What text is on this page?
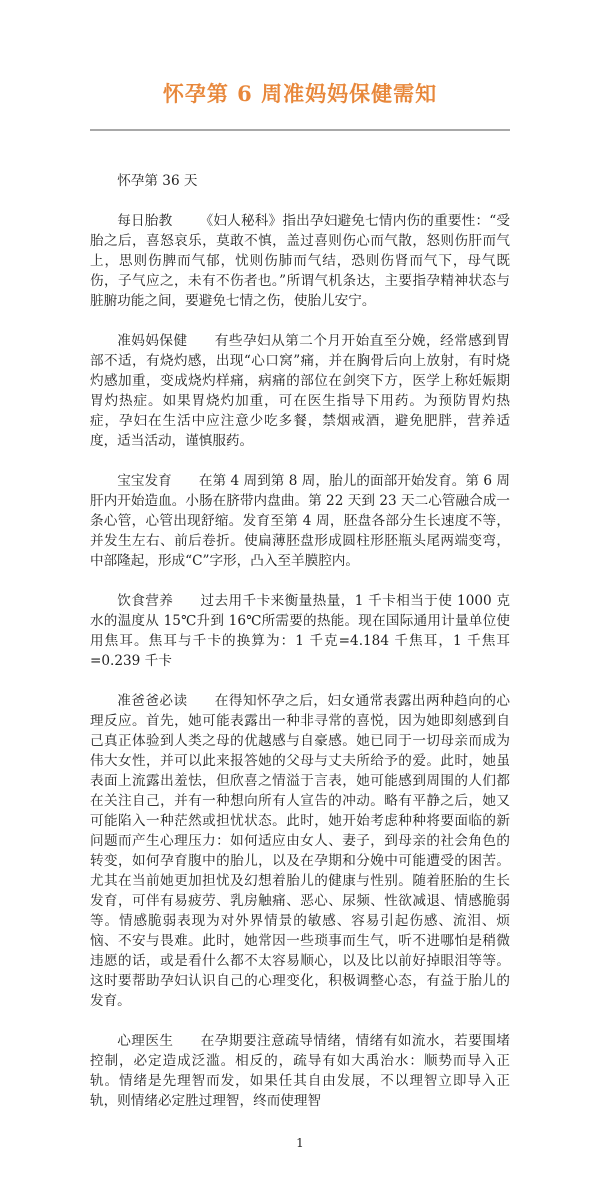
怀孕第 6 周准妈妈保健需知

怀孕第 36 天

每日胎教 《妇人秘科》指出孕妇避免七情内伤的重要性：“受胎之后，喜怒哀乐，莫敢不慎，盖过喜则伤心而气散，怒则伤肝而气上，思则伤脾而气郁，忧则伤肺而气结，恐则伤肾而气下，母气既伤，子气应之，未有不伤者也。”所谓气机条达，主要指孕精神状态与脏腑功能之间，要避免七情之伤，使胎儿安宁。

准妈妈保健 有些孕妇从第二个月开始直至分娩，经常感到胃部不适，有烧灼感，出现“心口窝”痛，并在胸骨后向上放射，有时烧灼感加重，变成烧灼样痛，病痛的部位在剑突下方，医学上称妊娠期胃灼热症。如果胃烧灼加重，可在医生指导下用药。为预防胃灼热症，孕妇在生活中应注意少吃多餐，禁烟戒酒，避免肥胖，营养适度，适当活动，谨慎服药。

宝宝发育 在第 4 周到第 8 周，胎儿的面部开始发育。第 6 周肝内开始造血。小肠在脐带内盘曲。第 22 天到 23 天二心管融合成一条心管，心管出现舒缩。发育至第 4 周，胚盘各部分生长速度不等，并发生左右、前后卷折。使扁薄胚盘形成圆柱形胚瓶头尾两端变弯，中部隆起，形成“C”字形，凸入至羊膜腔内。

饮食营养 过去用千卡来衡量热量，1 千卡相当于使 1000 克水的温度从 15℃升到 16℃所需要的热能。现在国际通用计量单位使用焦耳。焦耳与千卡的换算为：1 千克=4.184 千焦耳，1 千焦耳=0.239 千卡

准爸爸必读 在得知怀孕之后，妇女通常表露出两种趋向的心理反应。首先，她可能表露出一种非寻常的喜悦，因为她即刻感到自己真正体验到人类之母的优越感与自豪感。她已同于一切母亲而成为伟大女性，并可以此来报答她的父母与丈夫所给予的爱。此时，她虽表面上流露出羞怯，但欣喜之情溢于言表，她可能感到周围的人们都在关注自己，并有一种想向所有人宣告的冲动。略有平静之后，她又可能陷入一种茫然或担忧状态。此时，她开始考虑种种将要面临的新问题而产生心理压力：如何适应由女人、妻子，到母亲的社会角色的转变，如何孕育腹中的胎儿，以及在孕期和分娩中可能遭受的困苦。尤其在当前她更加担忧及幻想着胎儿的健康与性别。随着胚胎的生长发育，可伴有易疲劳、乳房触痛、恶心、尿频、性欲减退、情感脆弱等。情感脆弱表现为对外界情景的敏感、容易引起伤感、流泪、烦恼、不安与畏难。此时，她常因一些琐事而生气，听不进哪怕是稍微违愿的话，或是看什么都不太容易顺心，以及比以前好掉眼泪等等。这时要帮助孕妇认识自己的心理变化，积极调整心态，有益于胎儿的发育。

心理医生 在孕期要注意疏导情绪，情绪有如流水，若要围堵控制，必定造成泛滥。相反的，疏导有如大禹治水：顺势而导入正轨。情绪是先理智而发，如果任其自由发展，不以理智立即导入正轨，则情绪必定胜过理智，终而使理智

1
